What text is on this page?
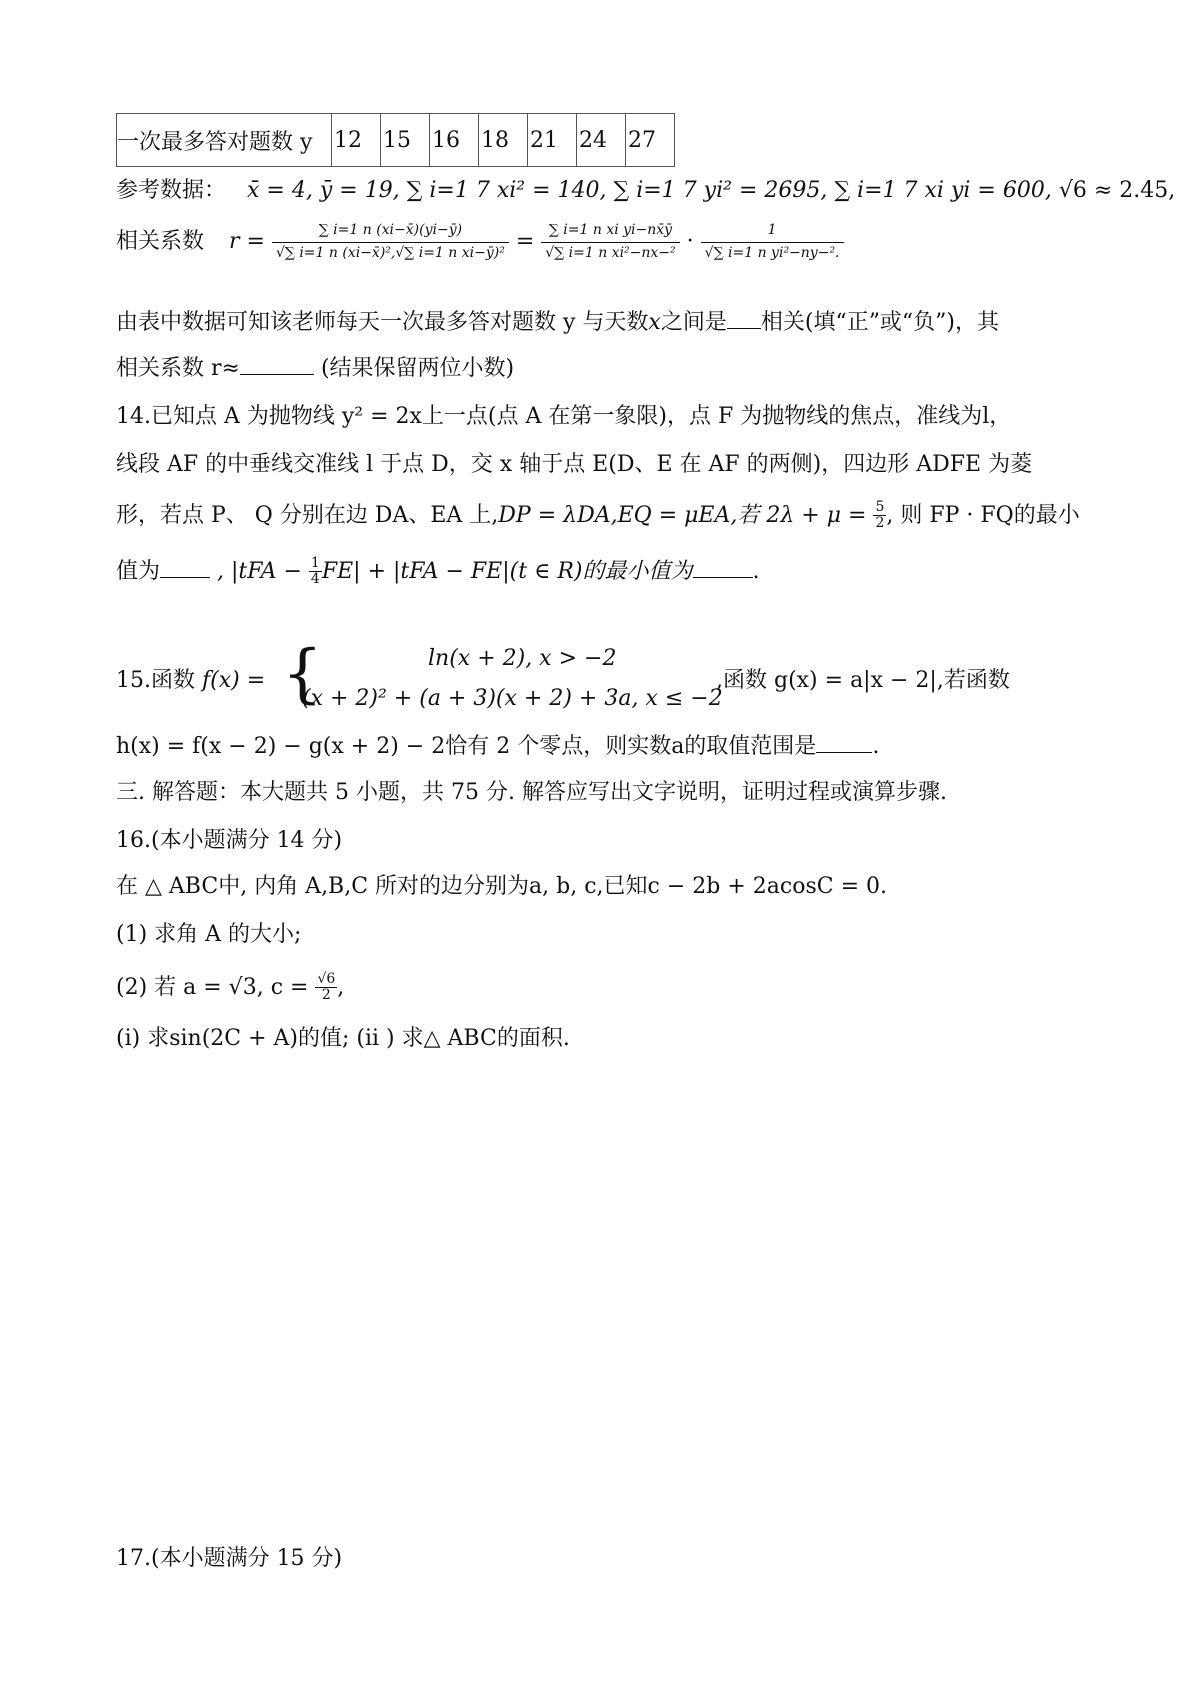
一次最多答对题数 y	12	15	16	18	21	24	27
参考数据： x̄ = 4, ȳ = 19, ∑ i=1 7 xi² = 140, ∑ i=1 7 yi² = 2695, ∑ i=1 7 xi yi = 600, √6 ≈ 2.45,
相关系数 $r = \frac{\sum i=1 n (xi-x̄)(yi-ȳ)}{\text{√∑ i=1 n (xi−x̄)²,√∑ i=1 n xi−ȳ)²}} = \frac{\text{∑ i=1 n xi yi−nx̄ȳ}}{\text{√∑ i=1 n xi²−nx−²}} \cdot \frac{1}{\text{√∑ i=1 n yi²−ny−².}}$
由表中数据可知该老师每天一次最多答对题数 y 与天数x之间是 相关(填“正”或“负”)，其
相关系数 r≈	(结果保留两位小数)
14.已知点 A 为抛物线 y² = 2x上一点(点 A 在第一象限)，点 F 为抛物线的焦点，准线为l，
线段 AF 的中垂线交准线 l 于点 D，交 x 轴于点 E(D、E 在 AF 的两侧)，四边形 ADFE 为菱
形，若点 P、 Q 分别在边 DA、EA 上,DP = λDA,EQ = μEA,若 $2\lambda + \mu = \frac{5}{2}$ , 则 FP · FQ的最小
值为 , $|tFA - \frac{1}{4} FE| + |tFA - FE|(t$ ∈ R)的最小值为	.
15.函数 f(x) = {	ln(x + 2), x > −2
(x + 2)² + (a + 3)(x + 2) + 3a, x ≤ −2
,函数 g(x) = a|x − 2|,若函数
h(x) = f(x − 2) − g(x + 2) − 2恰有 2 个零点，则实数a的取值范围是	.
三. 解答题：本大题共 5 小题，共 75 分. 解答应写出文字说明，证明过程或演算步骤.
16.(本小题满分 14 分)
在 △ ABC中, 内角 A,B,C 所对的边分别为a, b, c,已知c − 2b + 2acosC = 0.
(1) 求角 A 的大小;
(2) 若 a = √3, $c = \frac{√6}{2}$ ,
(i) 求sin(2C + A)的值; (ii ) 求△ ABC的面积.
17.(本小题满分 15 分)
